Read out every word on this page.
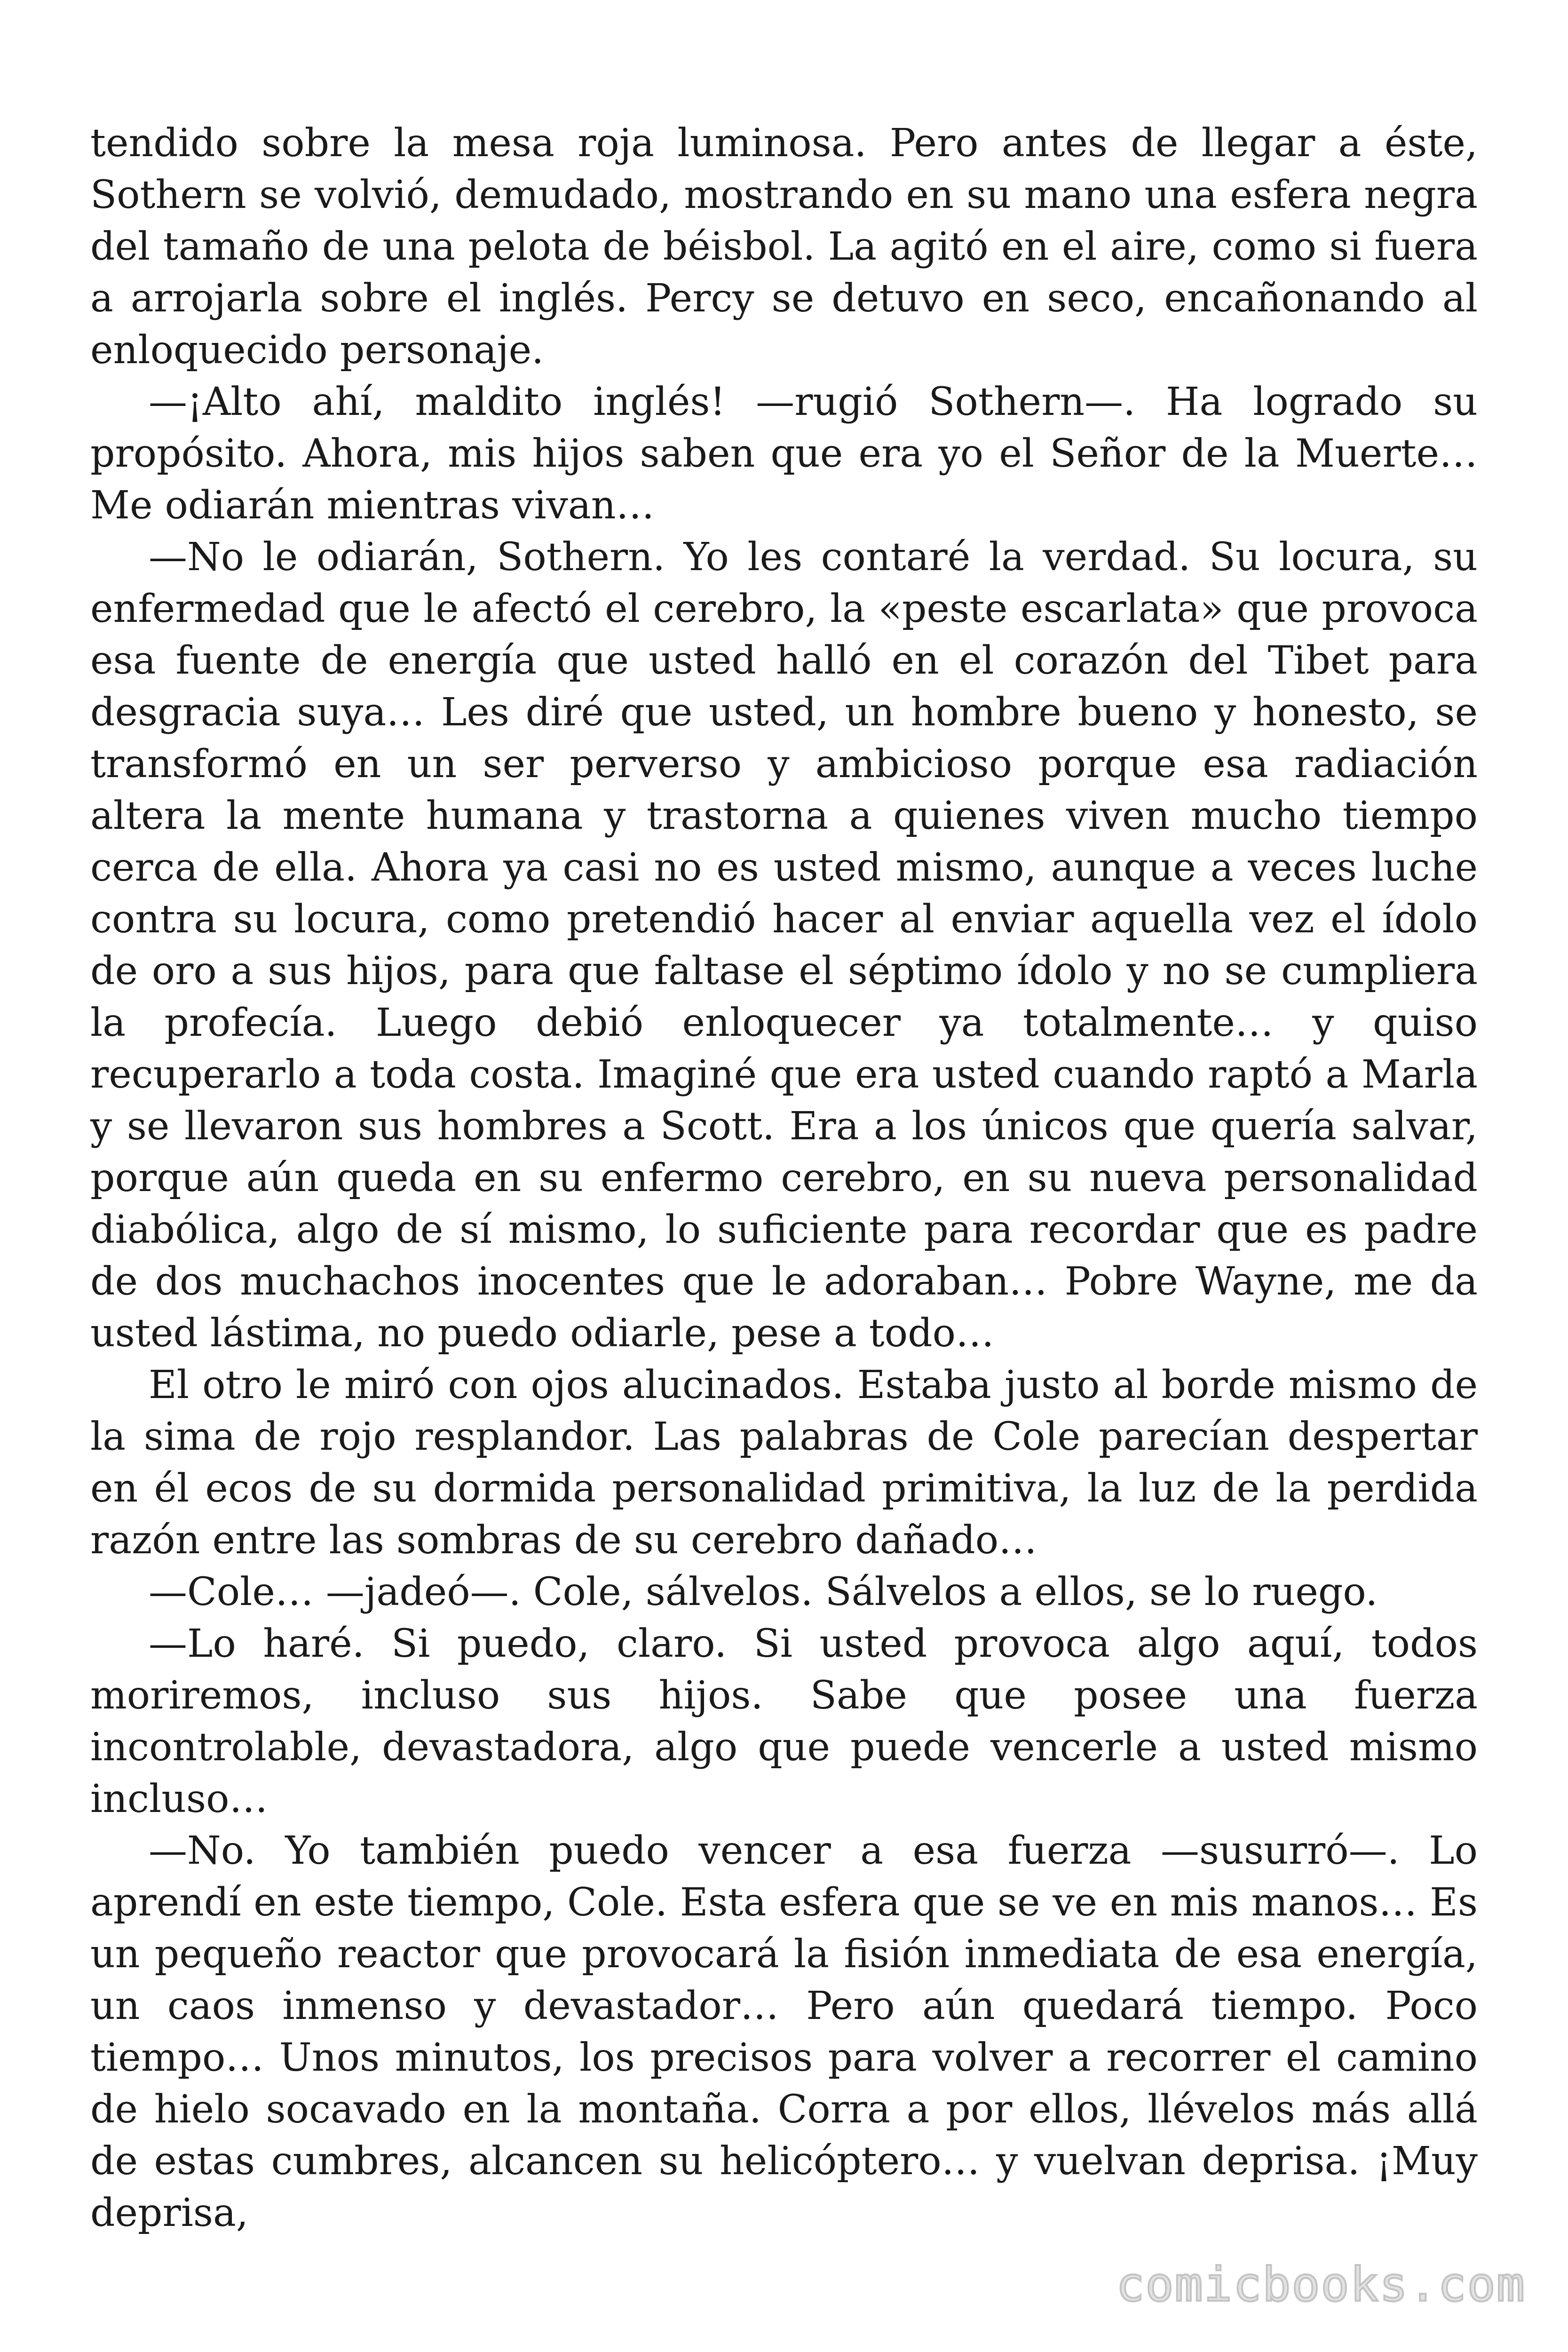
tendido sobre la mesa roja luminosa. Pero antes de llegar a éste, Sothern se volvió, demudado, mostrando en su mano una esfera negra del tamaño de una pelota de béisbol. La agitó en el aire, como si fuera a arrojarla sobre el inglés. Percy se detuvo en seco, encañonando al enloquecido personaje.

—¡Alto ahí, maldito inglés! —rugió Sothern—. Ha logrado su propósito. Ahora, mis hijos saben que era yo el Señor de la Muerte… Me odiarán mientras vivan…

—No le odiarán, Sothern. Yo les contaré la verdad. Su locura, su enfermedad que le afectó el cerebro, la «peste escarlata» que provoca esa fuente de energía que usted halló en el corazón del Tibet para desgracia suya… Les diré que usted, un hombre bueno y honesto, se transformó en un ser perverso y ambicioso porque esa radiación altera la mente humana y trastorna a quienes viven mucho tiempo cerca de ella. Ahora ya casi no es usted mismo, aunque a veces luche contra su locura, como pretendió hacer al enviar aquella vez el ídolo de oro a sus hijos, para que faltase el séptimo ídolo y no se cumpliera la profecía. Luego debió enloquecer ya totalmente… y quiso recuperarlo a toda costa. Imaginé que era usted cuando raptó a Marla y se llevaron sus hombres a Scott. Era a los únicos que quería salvar, porque aún queda en su enfermo cerebro, en su nueva personalidad diabólica, algo de sí mismo, lo suficiente para recordar que es padre de dos muchachos inocentes que le adoraban… Pobre Wayne, me da usted lástima, no puedo odiarle, pese a todo…

El otro le miró con ojos alucinados. Estaba justo al borde mismo de la sima de rojo resplandor. Las palabras de Cole parecían despertar en él ecos de su dormida personalidad primitiva, la luz de la perdida razón entre las sombras de su cerebro dañado…

—Cole… —jadeó—. Cole, sálvelos. Sálvelos a ellos, se lo ruego.

—Lo haré. Si puedo, claro. Si usted provoca algo aquí, todos moriremos, incluso sus hijos. Sabe que posee una fuerza incontrolable, devastadora, algo que puede vencerle a usted mismo incluso…

—No. Yo también puedo vencer a esa fuerza —susurró—. Lo aprendí en este tiempo, Cole. Esta esfera que se ve en mis manos… Es un pequeño reactor que provocará la fisión inmediata de esa energía, un caos inmenso y devastador… Pero aún quedará tiempo. Poco tiempo… Unos minutos, los precisos para volver a recorrer el camino de hielo socavado en la montaña. Corra a por ellos, llévelos más allá de estas cumbres, alcancen su helicóptero… y vuelvan deprisa. ¡Muy deprisa,

comicbooks.com
